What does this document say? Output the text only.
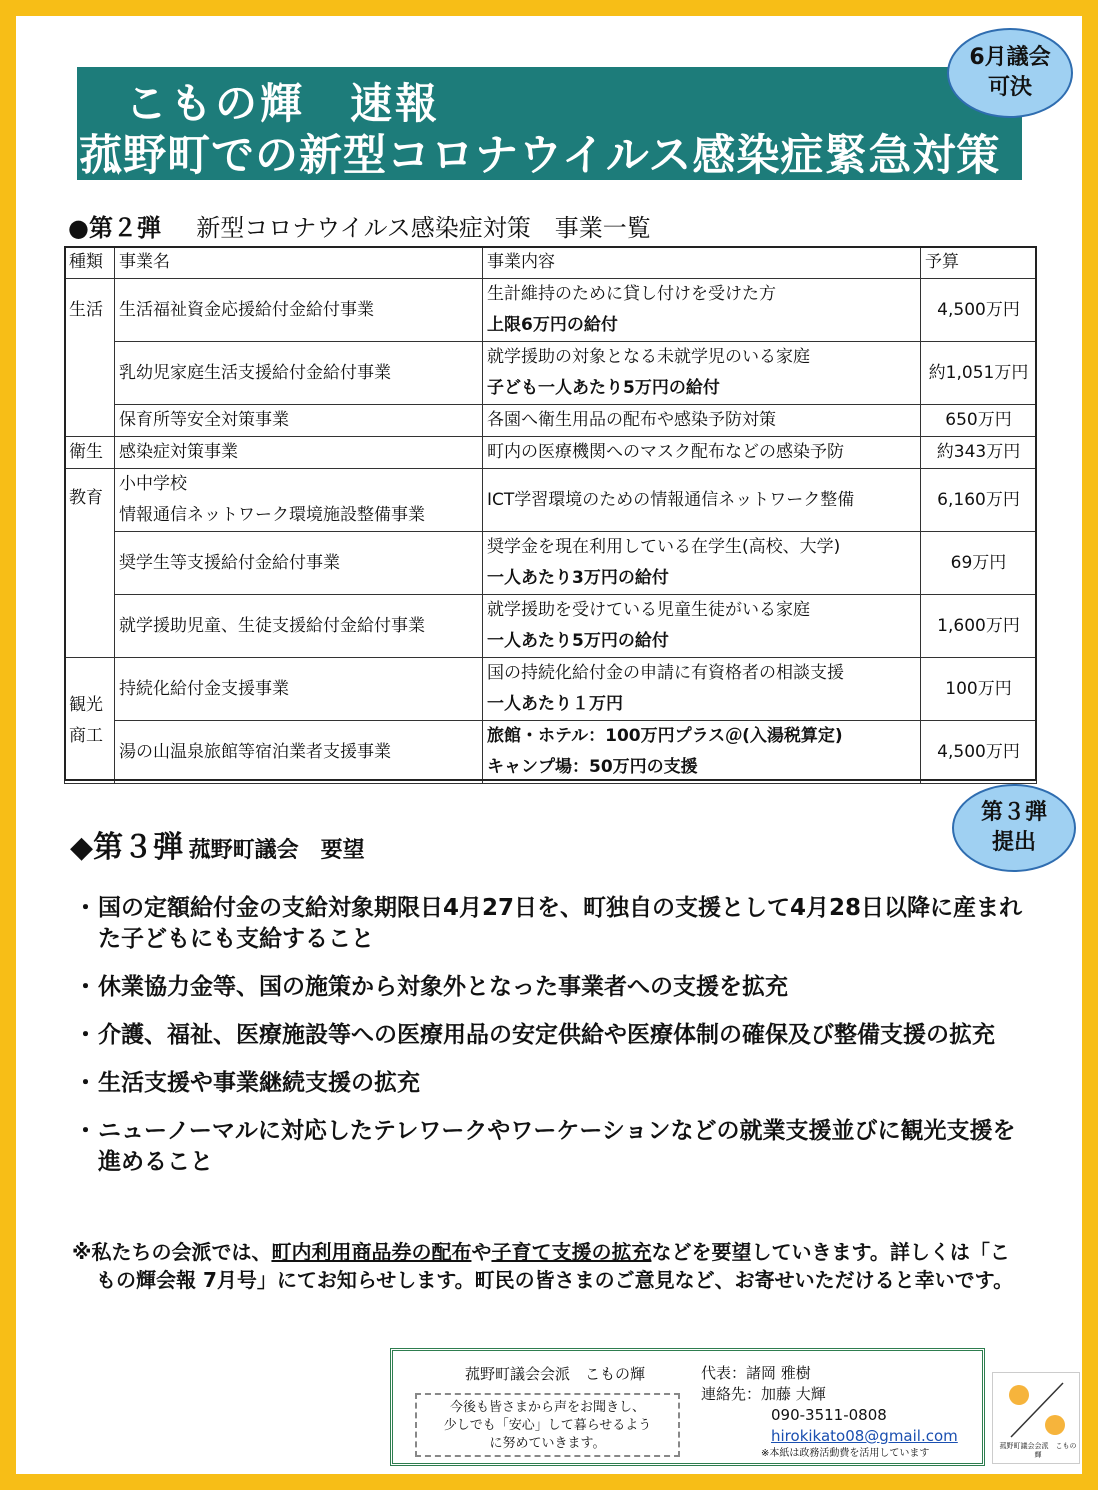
こもの輝　速報
菰野町での新型コロナウイルス感染症緊急対策
6月議会
可決
●第２弾 新型コロナウイルス感染症対策　事業一覧
種類	事業名	事業内容	予算
生活	生活福祉資金応援給付金給付事業	生計維持のために貸し付けを受けた方
上限6万円の給付	4,500万円
	乳幼児家庭生活支援給付金給付事業	就学援助の対象となる未就学児のいる家庭
子ども一人あたり5万円の給付	約1,051万円
	保育所等安全対策事業	各園へ衛生用品の配布や感染予防対策	650万円
衛生	感染症対策事業	町内の医療機関へのマスク配布などの感染予防	約343万円
教育	小中学校
情報通信ネットワーク環境施設整備事業	ICT学習環境のための情報通信ネットワーク整備	6,160万円
	奨学生等支援給付金給付事業	奨学金を現在利用している在学生(高校、大学)
一人あたり3万円の給付	69万円
	就学援助児童、生徒支援給付金給付事業	就学援助を受けている児童生徒がいる家庭
一人あたり5万円の給付	1,600万円
観光	持続化給付金支援事業	国の持続化給付金の申請に有資格者の相談支援
一人あたり１万円	100万円
商工	湯の山温泉旅館等宿泊業者支援事業	旅館・ホテル：100万円プラス＠(入湯税算定)
キャンプ場：50万円の支援	4,500万円
第３弾
提出
◆第３弾 菰野町議会　要望
・ 国の定額給付金の支給対象期限日4月27日を、町独自の支援として4月28日以降に産まれた子どもにも支給すること
・ 休業協力金等、国の施策から対象外となった事業者への支援を拡充
・ 介護、福祉、医療施設等への医療用品の安定供給や医療体制の確保及び整備支援の拡充
・ 生活支援や事業継続支援の拡充
・ ニューノーマルに対応したテレワークやワーケーションなどの就業支援並びに観光支援を進めること
※私たちの会派では、町内利用商品券の配布や子育て支援の拡充などを要望していきます。詳しくは「こもの輝会報 7月号」にてお知らせします。町民の皆さまのご意見など、お寄せいただけると幸いです。
菰野町議会会派　こもの輝
今後も皆さまから声をお聞きし、
少しでも「安心」して暮らせるよう
に努めていきます。
代表：諸岡 雅樹
連絡先：加藤 大輝
090-3511-0808
hirokikato08@gmail.com
※本紙は政務活動費を活用しています
菰野町議会会派　こもの輝
